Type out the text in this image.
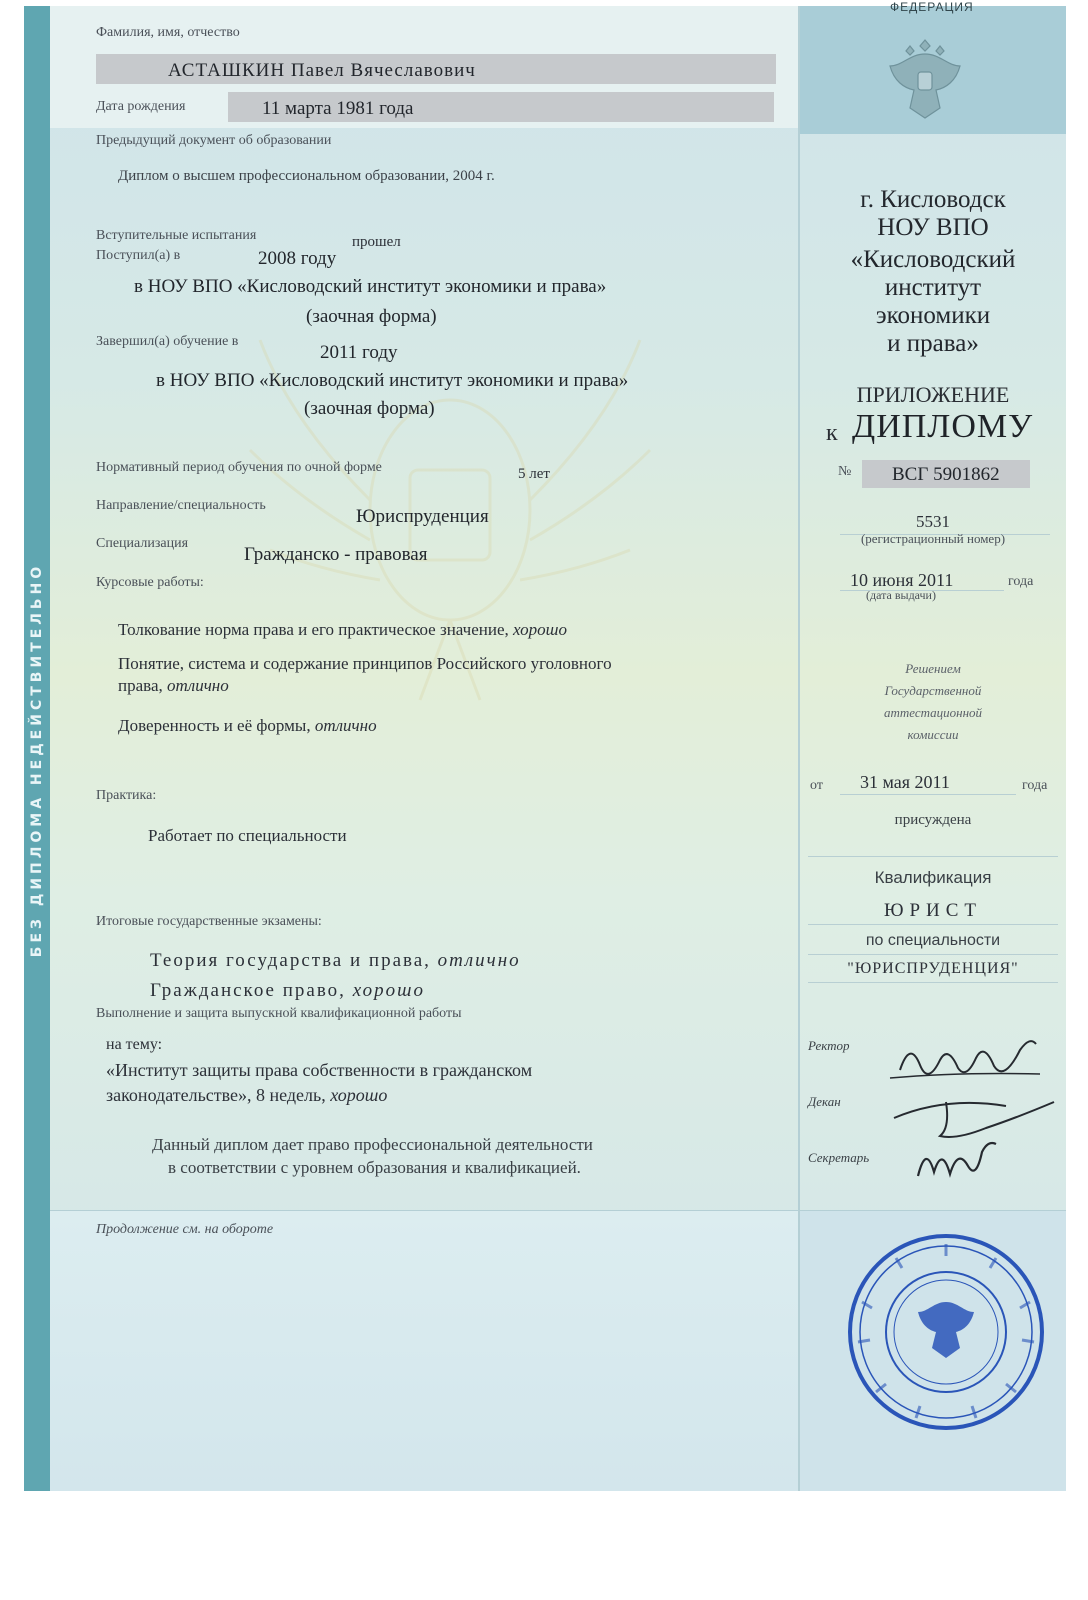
БЕЗ ДИПЛОМА НЕДЕЙСТВИТЕЛЬНО
ФЕДЕРАЦИЯ
Фамилия, имя, отчество
АСТАШКИН Павел Вячеславович
Дата рождения	11 марта 1981 года
Предыдущий документ об образовании
Диплом о высшем профессиональном образовании, 2004 г.
Вступительные испытания	прошел
Поступил(а) в	2008 году
в НОУ ВПО «Кисловодский институт экономики и права»
(заочная форма)
Завершил(а) обучение в
2011 году
в НОУ ВПО «Кисловодский институт экономики и права»
(заочная форма)
Нормативный период обучения по очной форме	5 лет
Направление/специальность
Юриспруденция
Специализация
Гражданско - правовая
Курсовые работы:
Толкование норма права и его практическое значение, хорошо
Понятие, система и содержание принципов Российского уголовного
права, отлично
Доверенность и её формы, отлично
Практика:
Работает по специальности
Итоговые государственные экзамены:
Теория государства и права, отлично
Гражданское право, хорошо
Выполнение и защита выпускной квалификационной работы
на тему:
«Институт защиты права собственности в гражданском
законодательстве», 8 недель, хорошо
Данный диплом дает право профессиональной деятельности
в соответствии с уровнем образования и квалификацией.
Продолжение см. на обороте
г. Кисловодск
НОУ ВПО
«Кисловодский
институт
экономики
и права»
ПРИЛОЖЕНИЕ
к ДИПЛОМУ
№ ВСГ 5901862
5531
(регистрационный номер)
10 июня 2011	года
(дата выдачи)
Решением
Государственной
аттестационной
комиссии
от 31 мая 2011	года
присуждена
Квалификация
ЮРИСТ
по специальности
"ЮРИСПРУДЕНЦИЯ"
Ректор
Декан
Секретарь
